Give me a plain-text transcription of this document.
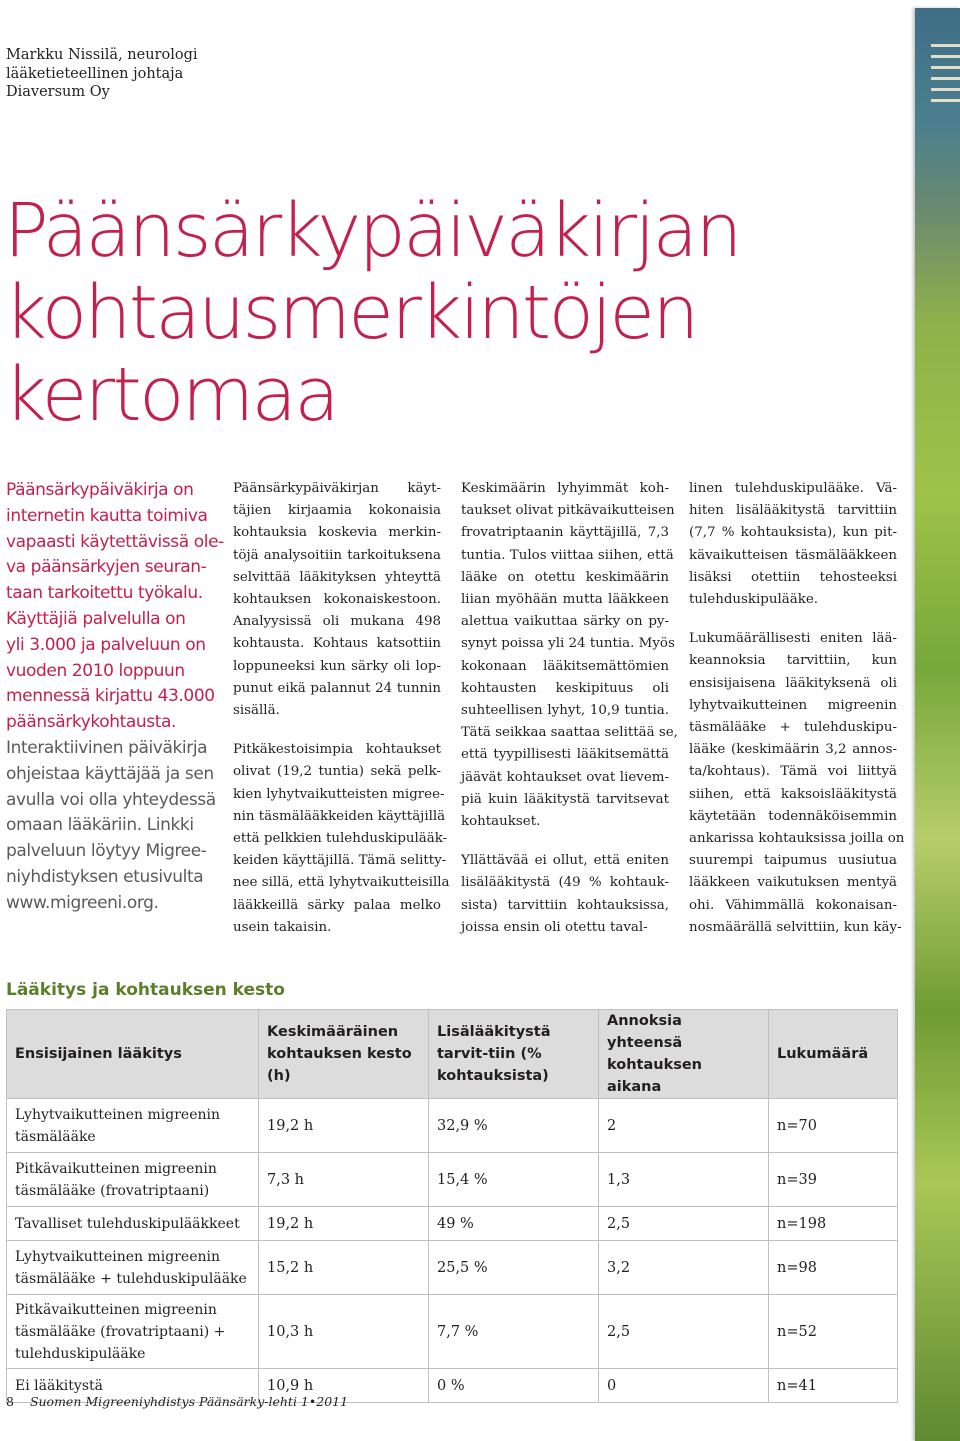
Markku Nissilä, neurologi
lääketieteellinen johtaja
Diaversum Oy
Päänsärkypäiväkirjan
kohtausmerkintöjen
kertomaa
Päänsärkypäiväkirja on
internetin kautta toimiva
vapaasti käytettävissä ole-
va päänsärkyjen seuran-
taan tarkoitettu työkalu.
Käyttäjiä palvelulla on
yli 3.000 ja palveluun on
vuoden 2010 loppuun
mennessä kirjattu 43.000
päänsärkykohtausta.
Interaktiivinen päiväkirja
ohjeistaa käyttäjää ja sen
avulla voi olla yhteydessä
omaan lääkäriin. Linkki
palveluun löytyy Migree-
niyhdistyksen etusivulta
www.migreeni.org.
Päänsärkypäiväkirjan käyt-
täjien kirjaamia kokonaisia
kohtauksia koskevia merkin-
töjä analysoitiin tarkoituksena
selvittää lääkityksen yhteyttä
kohtauksen kokonaiskestoon.
Analyysissä oli mukana 498
kohtausta. Kohtaus katsottiin
loppuneeksi kun särky oli lop-
punut eikä palannut 24 tunnin
sisällä.
Pitkäkestoisimpia kohtaukset
olivat (19,2 tuntia) sekä pelk-
kien lyhytvaikutteisten migree-
nin täsmälääkkeiden käyttäjillä
että pelkkien tulehduskipulääk-
keiden käyttäjillä. Tämä selitty-
nee sillä, että lyhytvaikutteisilla
lääkkeillä särky palaa melko
usein takaisin.
Keskimäärin lyhyimmät koh-
taukset olivat pitkävaikutteisen
frovatriptaanin käyttäjillä, 7,3
tuntia. Tulos viittaa siihen, että
lääke on otettu keskimäärin
liian myöhään mutta lääkkeen
alettua vaikuttaa särky on py-
synyt poissa yli 24 tuntia. Myös
kokonaan lääkitsemättömien
kohtausten keskipituus oli
suhteellisen lyhyt, 10,9 tuntia.
Tätä seikkaa saattaa selittää se,
että tyypillisesti lääkitsemättä
jäävät kohtaukset ovat lievem-
piä kuin lääkitystä tarvitsevat
kohtaukset.
Yllättävää ei ollut, että eniten
lisälääkitystä (49 % kohtauk-
sista) tarvittiin kohtauksissa,
joissa ensin oli otettu taval-
linen tulehduskipulääke. Vä-
hiten lisälääkitystä tarvittiin
(7,7 % kohtauksista), kun pit-
kävaikutteisen täsmälääkkeen
lisäksi otettiin tehosteeksi
tulehduskipulääke.
Lukumäärällisesti eniten lää-
keannoksia tarvittiin, kun
ensisijaisena lääkityksenä oli
lyhytvaikutteinen migreenin
täsmälääke + tulehduskipu-
lääke (keskimäärin 3,2 annos-
ta/kohtaus). Tämä voi liittyä
siihen, että kaksoislääkitystä
käytetään todennäköisemmin
ankarissa kohtauksissa joilla on
suurempi taipumus uusiutua
lääkkeen vaikutuksen mentyä
ohi. Vähimmällä kokonaisan-
nosmäärällä selvittiin, kun käy-
Lääkitys ja kohtauksen kesto
Ensisijainen lääkitys	Keskimääräinen kohtauksen kesto (h)	Lisälääkitystä tarvit-tiin (% kohtauksista)	Annoksia yhteensä kohtauksen aikana	Lukumäärä
Lyhytvaikutteinen migreenin täsmälääke	19,2 h	32,9 %	2	n=70
Pitkävaikutteinen migreenin täsmälääke (frovatriptaani)	7,3 h	15,4 %	1,3	n=39
Tavalliset tulehduskipulääkkeet	19,2 h	49 %	2,5	n=198
Lyhytvaikutteinen migreenin täsmälääke + tulehduskipulääke	15,2 h	25,5 %	3,2	n=98
Pitkävaikutteinen migreenin täsmälääke (frovatriptaani) + tulehduskipulääke	10,3 h	7,7 %	2,5	n=52
Ei lääkitystä	10,9 h	0 %	0	n=41
8 Suomen Migreeniyhdistys Päänsärky-lehti 1•2011
